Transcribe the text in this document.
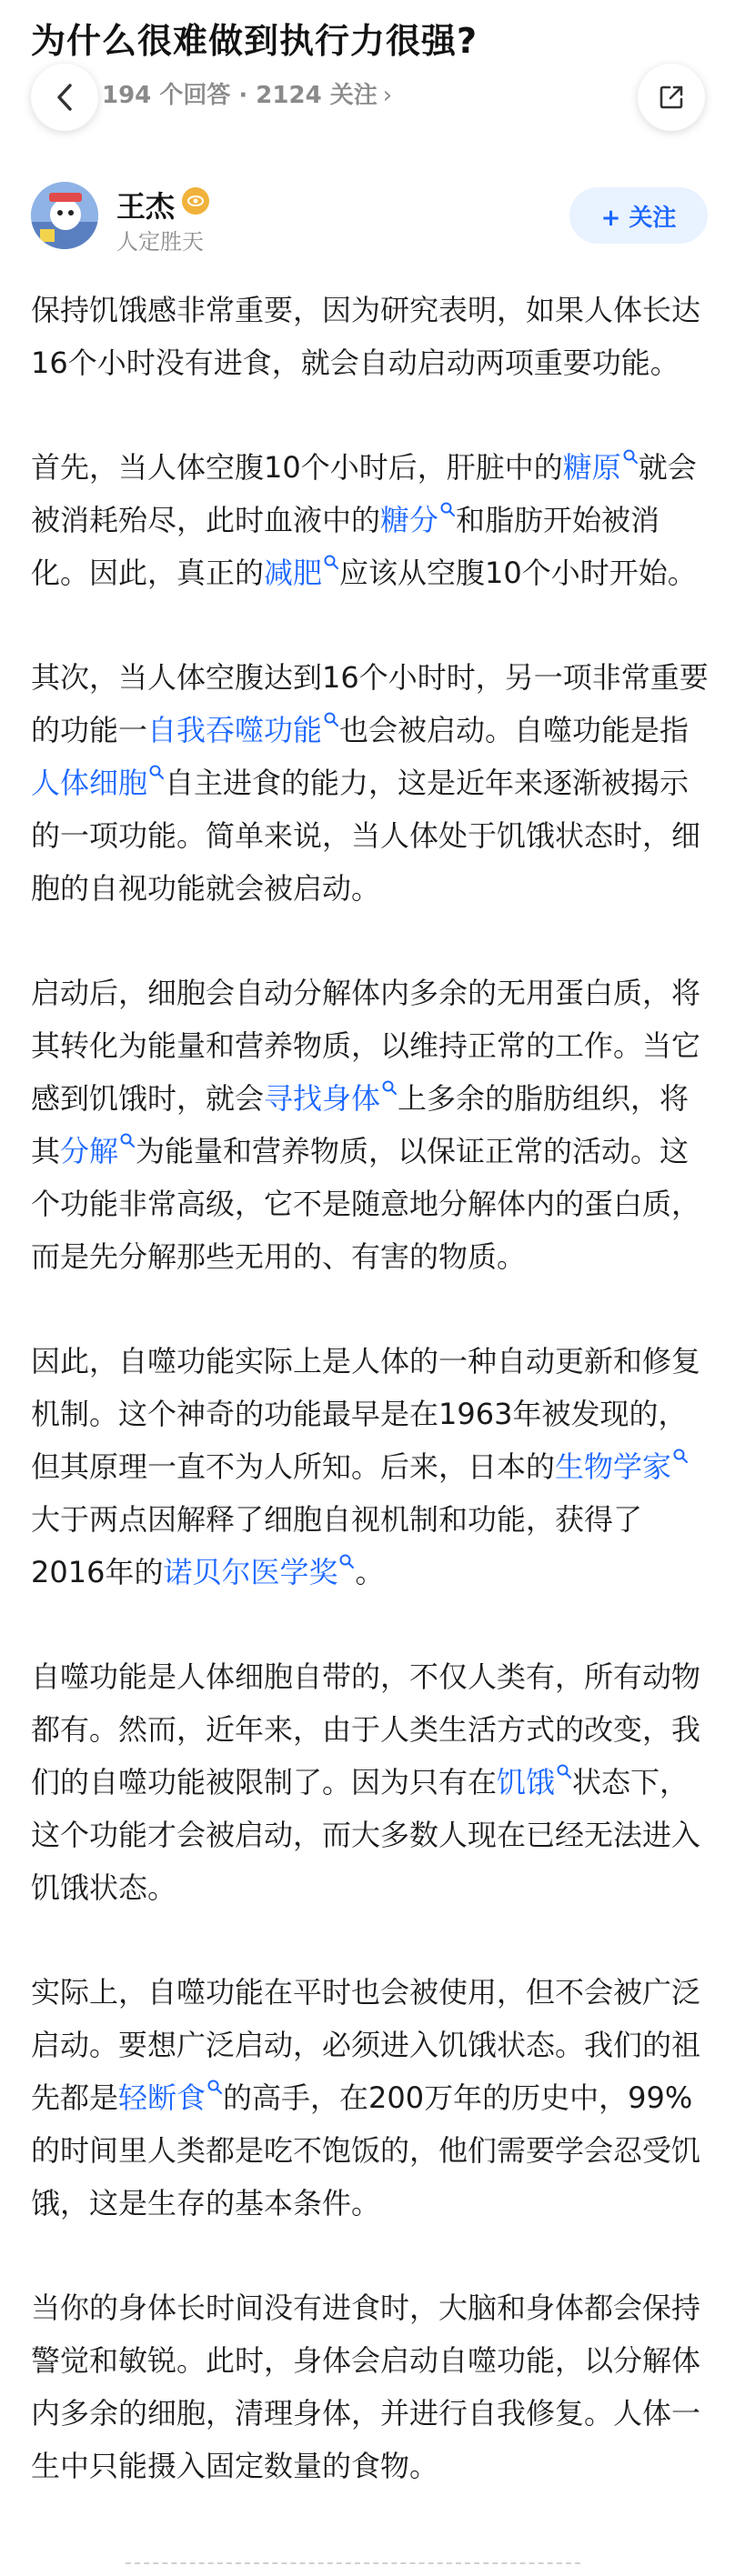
为什么很难做到执行力很强?
194 个回答 · 2124 关注 ›
王杰
人定胜天
+ 关注

保持饥饿感非常重要，因为研究表明，如果人体长达16个小时没有进食，就会自动启动两项重要功能。

首先，当人体空腹10个小时后，肝脏中的糖原 就会被消耗殆尽，此时血液中的糖分 和脂肪开始被消化。因此，真正的减肥 应该从空腹10个小时开始。

其次，当人体空腹达到16个小时时，另一项非常重要的功能一自我吞噬功能 也会被启动。自噬功能是指人体细胞 自主进食的能力，这是近年来逐渐被揭示的一项功能。简单来说，当人体处于饥饿状态时，细胞的自视功能就会被启动。

启动后，细胞会自动分解体内多余的无用蛋白质，将其转化为能量和营养物质，以维持正常的工作。当它感到饥饿时，就会寻找身体 上多余的脂肪组织，将其分解 为能量和营养物质，以保证正常的活动。这个功能非常高级，它不是随意地分解体内的蛋白质，而是先分解那些无用的、有害的物质。

因此，自噬功能实际上是人体的一种自动更新和修复机制。这个神奇的功能最早是在1963年被发现的，但其原理一直不为人所知。后来，日本的生物学家大于两点因解释了细胞自视机制和功能，获得了2016年的诺贝尔医学奖 。

自噬功能是人体细胞自带的，不仅人类有，所有动物都有。然而，近年来，由于人类生活方式的改变，我们的自噬功能被限制了。因为只有在饥饿 状态下，这个功能才会被启动，而大多数人现在已经无法进入饥饿状态。

实际上，自噬功能在平时也会被使用，但不会被广泛启动。要想广泛启动，必须进入饥饿状态。我们的祖先都是轻断食 的高手，在200万年的历史中，99%的时间里人类都是吃不饱饭的，他们需要学会忍受饥饿，这是生存的基本条件。

当你的身体长时间没有进食时，大脑和身体都会保持警觉和敏锐。此时，身体会启动自噬功能，以分解体内多余的细胞，清理身体，并进行自我修复。人体一生中只能摄入固定数量的食物。
